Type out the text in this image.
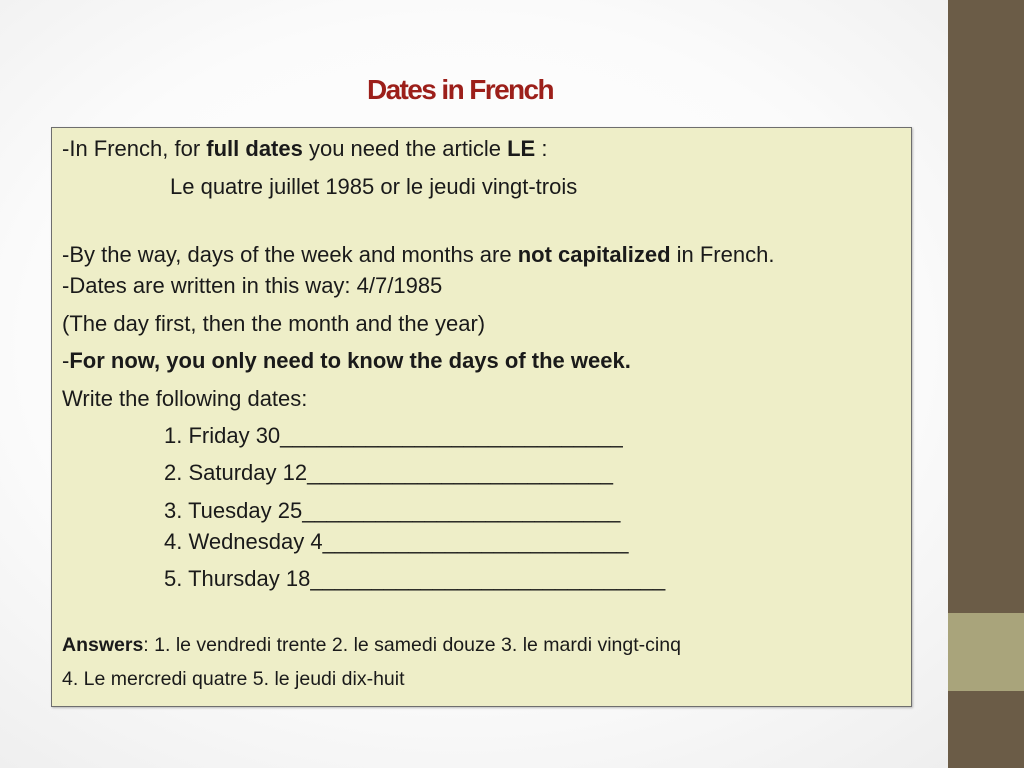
Dates in French

-In French, for full dates you need the article LE :

Le quatre juillet 1985 or le jeudi vingt-trois

-By the way, days of the week and months are not capitalized in French.

-Dates are written in this way: 4/7/1985

(The day first, then the month and the year)

-For now, you only need to know the days of the week.

Write the following dates:

1. Friday 30____________________________

2. Saturday 12_________________________

3. Tuesday 25__________________________

4. Wednesday 4_________________________

5. Thursday 18_____________________________

Answers: 1. le vendredi trente 2. le samedi douze 3. le mardi vingt-cinq

4. Le mercredi quatre 5. le jeudi dix-huit
